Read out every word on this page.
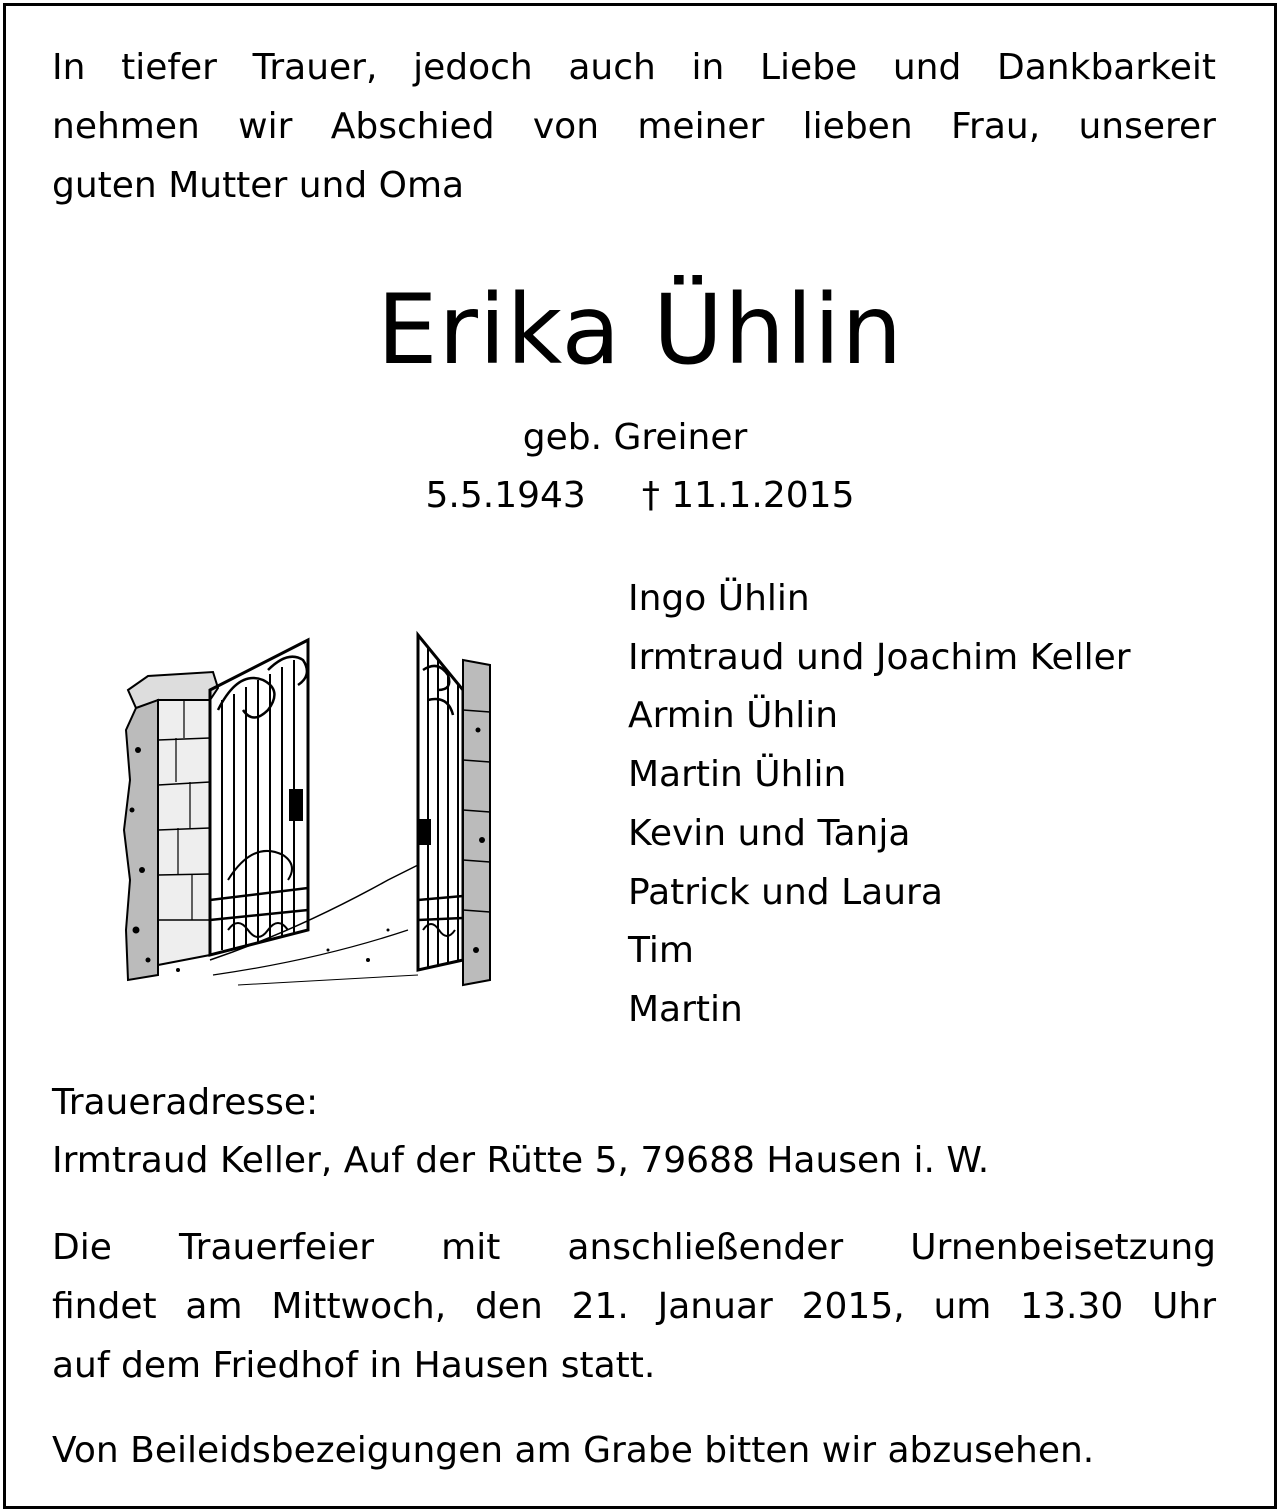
In tiefer Trauer, jedoch auch in Liebe und Dankbarkeit
nehmen wir Abschied von meiner lieben Frau, unserer
guten Mutter und Oma
Erika Ühlin
geb. Greiner
5.5.1943 † 11.1.2015
Ingo Ühlin
Irmtraud und Joachim Keller
Armin Ühlin
Martin Ühlin
Kevin und Tanja
Patrick und Laura
Tim
Martin
Traueradresse:
Irmtraud Keller, Auf der Rütte 5, 79688 Hausen i. W.
Die Trauerfeier mit anschließender Urnenbeisetzung
findet am Mittwoch, den 21. Januar 2015, um 13.30 Uhr
auf dem Friedhof in Hausen statt.
Von Beileidsbezeigungen am Grabe bitten wir abzusehen.
